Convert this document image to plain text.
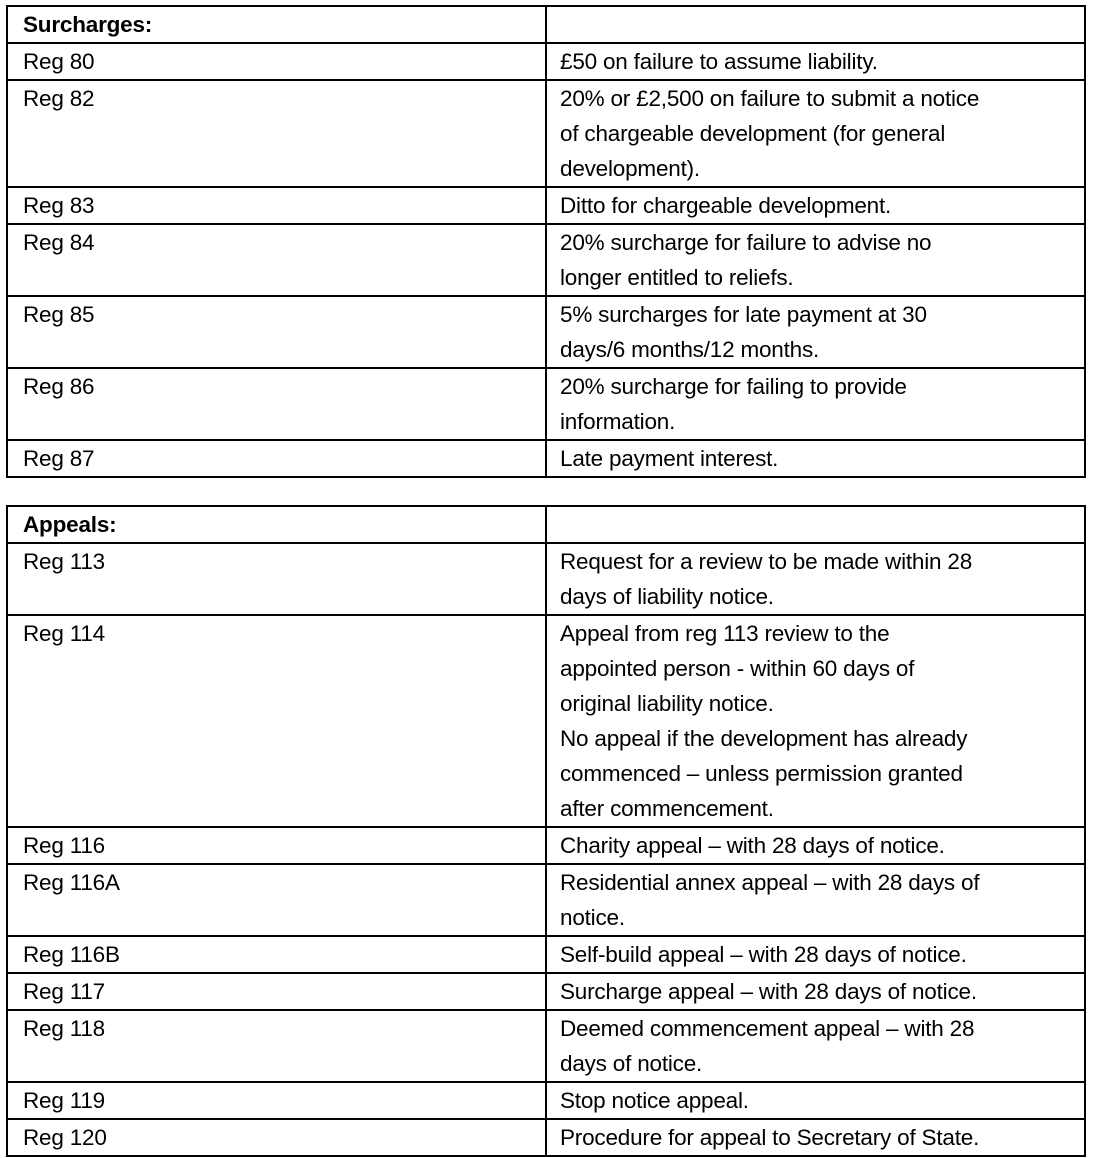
Surcharges:	
Reg 80	£50 on failure to assume liability.

Reg 82	20% or £2,500 on failure to submit a notice
of chargeable development (for general
development).

Reg 83	Ditto for chargeable development.

Reg 84	20% surcharge for failure to advise no
longer entitled to reliefs.

Reg 85	5% surcharges for late payment at 30
days/6 months/12 months.

Reg 86	20% surcharge for failing to provide
information.

Reg 87	Late payment interest.
Appeals:	
Reg 113	Request for a review to be made within 28
days of liability notice.

Reg 114	Appeal from reg 113 review to the
appointed person - within 60 days of
original liability notice.
No appeal if the development has already
commenced – unless permission granted
after commencement.

Reg 116	Charity appeal – with 28 days of notice.

Reg 116A	Residential annex appeal – with 28 days of
notice.

Reg 116B	Self-build appeal – with 28 days of notice.

Reg 117	Surcharge appeal – with 28 days of notice.

Reg 118	Deemed commencement appeal – with 28
days of notice.

Reg 119	Stop notice appeal.

Reg 120	Procedure for appeal to Secretary of State.
